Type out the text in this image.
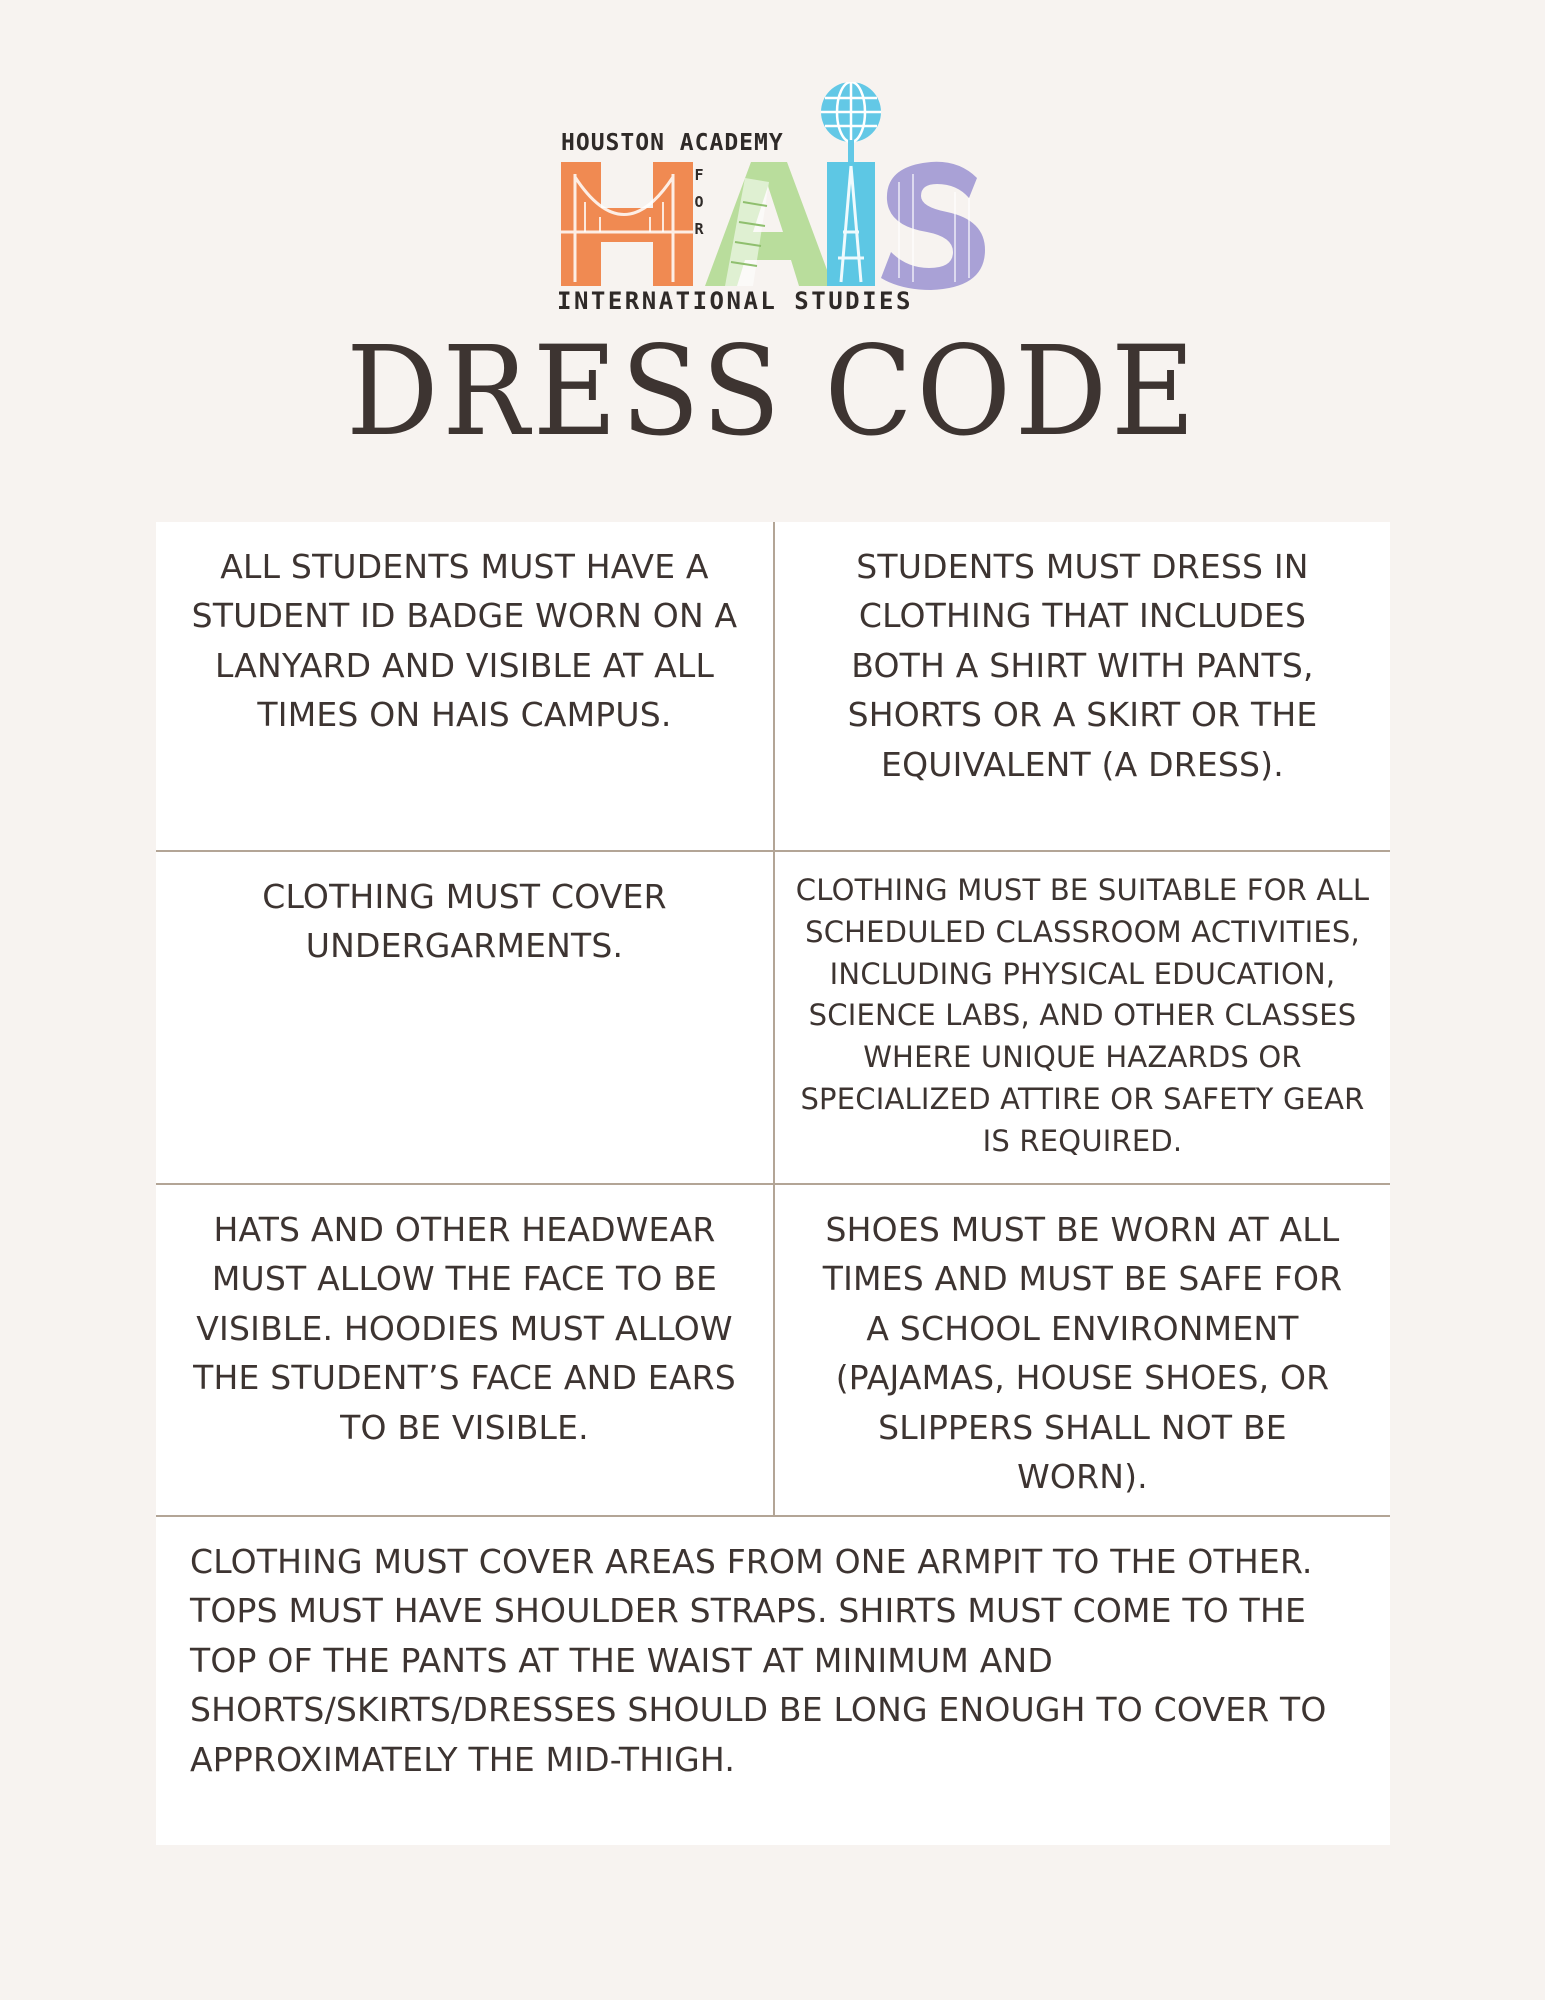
HOUSTON ACADEMY
F
O
R
INTERNATIONAL STUDIES
DRESS CODE
ALL STUDENTS MUST HAVE A STUDENT ID BADGE WORN ON A LANYARD AND VISIBLE AT ALL TIMES ON HAIS CAMPUS.
STUDENTS MUST DRESS IN CLOTHING THAT INCLUDES BOTH A SHIRT WITH PANTS, SHORTS OR A SKIRT OR THE EQUIVALENT (A DRESS).
CLOTHING MUST COVER UNDERGARMENTS.
CLOTHING MUST BE SUITABLE FOR ALL SCHEDULED CLASSROOM ACTIVITIES, INCLUDING PHYSICAL EDUCATION, SCIENCE LABS, AND OTHER CLASSES WHERE UNIQUE HAZARDS OR SPECIALIZED ATTIRE OR SAFETY GEAR IS REQUIRED.
HATS AND OTHER HEADWEAR MUST ALLOW THE FACE TO BE VISIBLE. HOODIES MUST ALLOW THE STUDENT’S FACE AND EARS TO BE VISIBLE.
SHOES MUST BE WORN AT ALL TIMES AND MUST BE SAFE FOR A SCHOOL ENVIRONMENT (PAJAMAS, HOUSE SHOES, OR SLIPPERS SHALL NOT BE WORN).
CLOTHING MUST COVER AREAS FROM ONE ARMPIT TO THE OTHER. TOPS MUST HAVE SHOULDER STRAPS. SHIRTS MUST COME TO THE TOP OF THE PANTS AT THE WAIST AT MINIMUM AND SHORTS/SKIRTS/DRESSES SHOULD BE LONG ENOUGH TO COVER TO APPROXIMATELY THE MID-THIGH.
